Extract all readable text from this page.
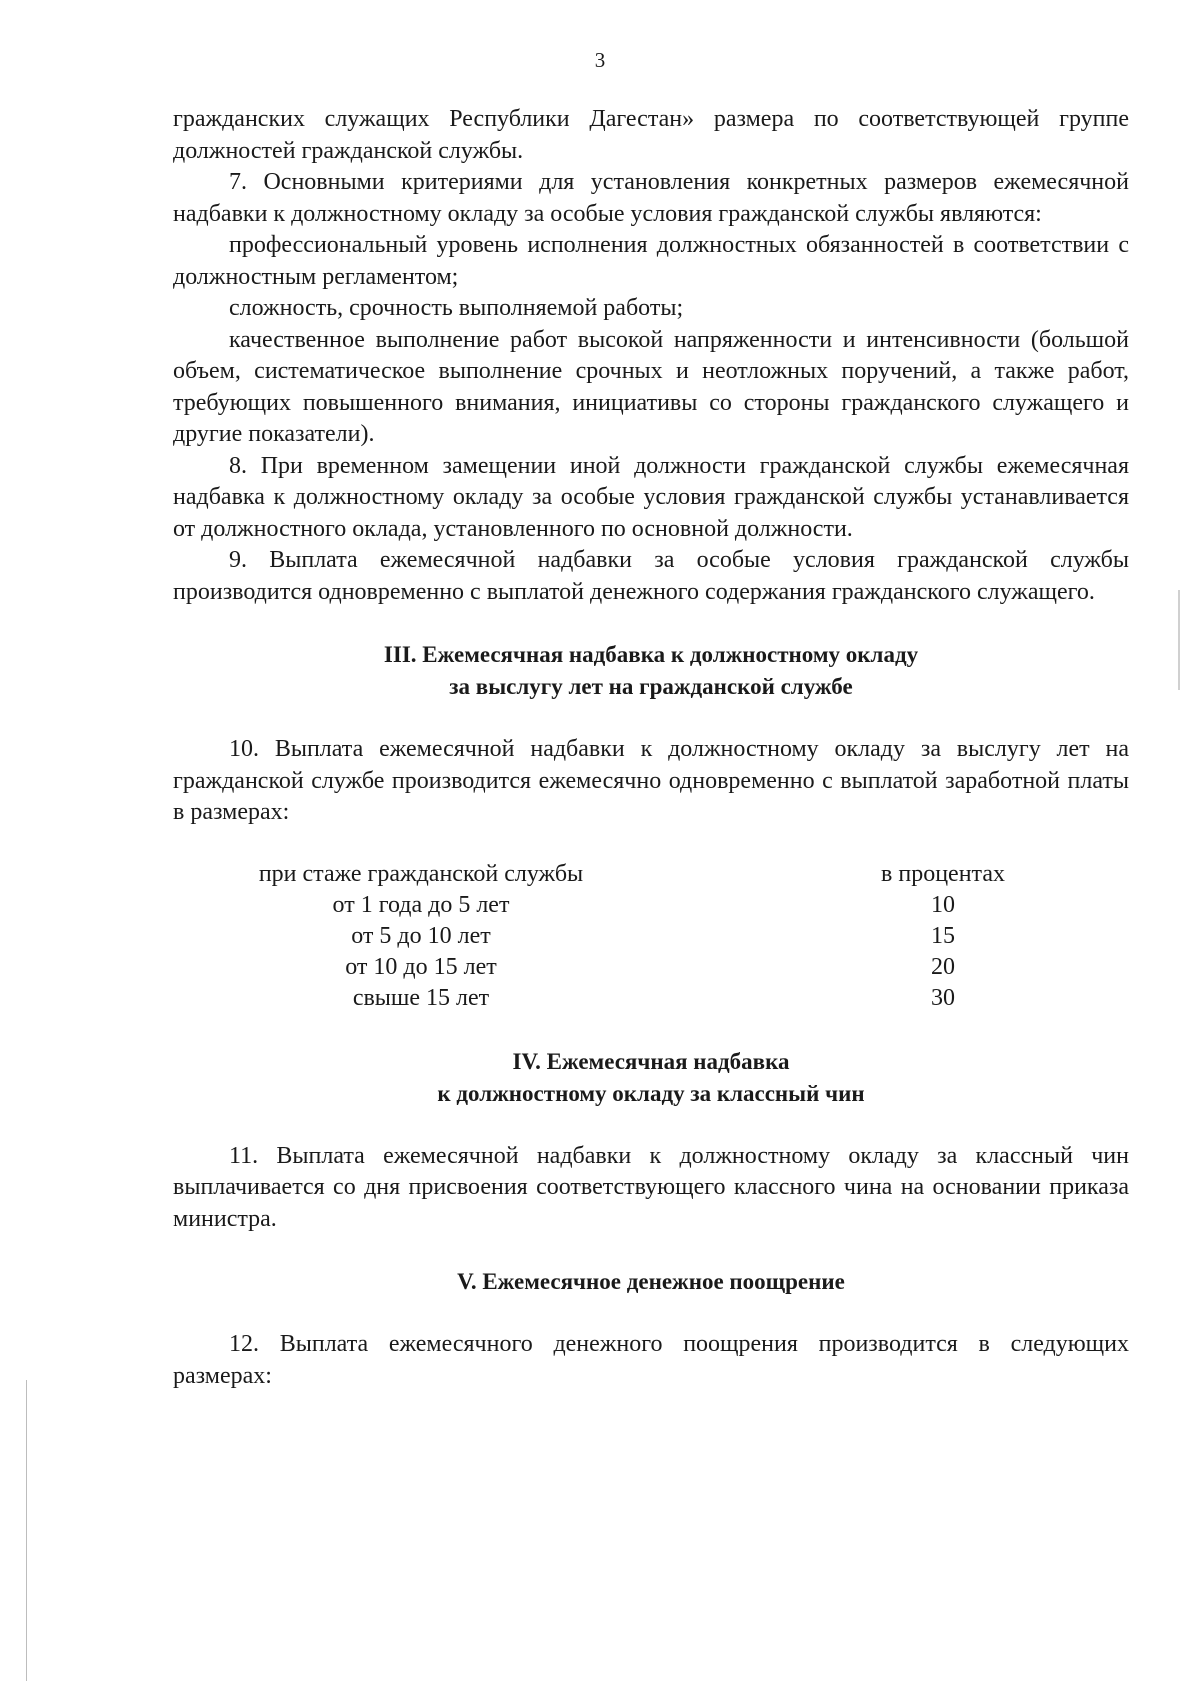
3

гражданских служащих Республики Дагестан» размера по соответствующей группе должностей гражданской службы.

7. Основными критериями для установления конкретных размеров ежемесячной надбавки к должностному окладу за особые условия гражданской службы являются:

профессиональный уровень исполнения должностных обязанностей в соответствии с должностным регламентом;

сложность, срочность выполняемой работы;

качественное выполнение работ высокой напряженности и интенсивности (большой объем, систематическое выполнение срочных и неотложных поручений, а также работ, требующих повышенного внимания, инициативы со стороны гражданского служащего и другие показатели).

8. При временном замещении иной должности гражданской службы ежемесячная надбавка к должностному окладу за особые условия гражданской службы устанавливается от должностного оклада, установленного по основной должности.

9. Выплата ежемесячной надбавки за особые условия гражданской службы производится одновременно с выплатой денежного содержания гражданского служащего.

III. Ежемесячная надбавка к должностному окладу
за выслугу лет на гражданской службе

10. Выплата ежемесячной надбавки к должностному окладу за выслугу лет на гражданской службе производится ежемесячно одновременно с выплатой заработной платы в размерах:

при стаже гражданской службы	в процентах
от 1 года до 5 лет	10
от 5 до 10 лет	15
от 10 до 15 лет	20
свыше 15 лет	30
IV. Ежемесячная надбавка
к должностному окладу за классный чин

11. Выплата ежемесячной надбавки к должностному окладу за классный чин выплачивается со дня присвоения соответствующего классного чина на основании приказа министра.

V. Ежемесячное денежное поощрение

12. Выплата ежемесячного денежного поощрения производится в следующих размерах:
